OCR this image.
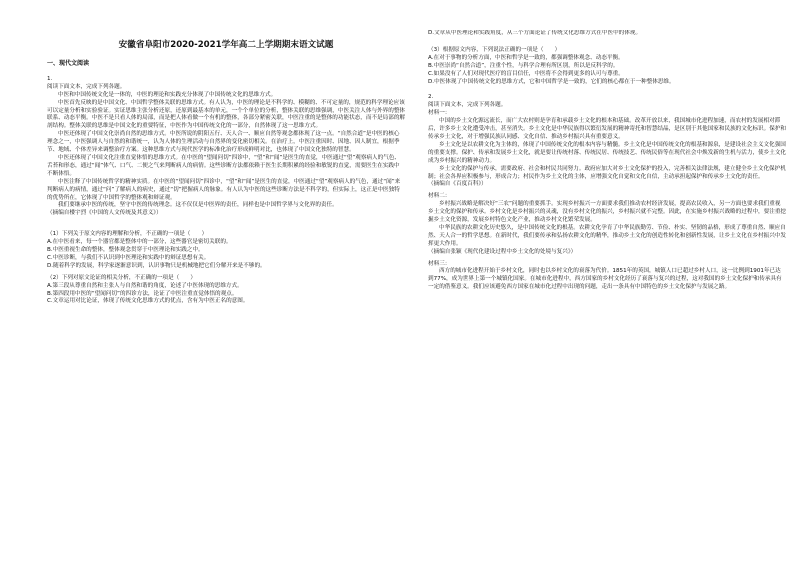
安徽省阜阳市2020-2021学年高二上学期期末语文试题
一、现代文阅读
1.
阅读下面文本，完成下列各题。
中医和中国传统文化是一体的，中医的理论和实践充分体现了中国传统文化的思维方式。
中医首先反映的是中国文化、中国哲学整体关联的思维方式。有人认为，中医的理论是不科学的、模糊的、不可定量的，规范的科学理论应该可以定量分析和实验验证。实证思维主张分析还原，还原到最基本的单元，一个个单位的分析，整体关联的思维强调，中医关注人体与外界的整体联系、动态平衡。中医不是只看人体的局部，而是把人体看做一个有机的整体，各部分紧密关联，中医注重的是整体的功能状态，而不是局部的解剖结构。整体关联的思维是中国文化的重要特征，中医作为中国传统文化的一部分，自然体现了这一思维方式。
中医还体现了中国文化崇尚自然的思维方式。中医所说的阴阳五行、天人合一、顺应自然等观念都体现了这一点。“自然合道”是中医的核心理念之一，中医强调人与自然的和谐统一，认为人体的生理活动与自然界的变化密切相关。在治疗上，中医注重因时、因地、因人制宜，根据季节、地域、个体差异来调整治疗方案。这种思维方式与现代医学的标准化治疗形成鲜明对比，也体现了中国文化独特的智慧。
中医还体现了中国文化注重直觉体悟的思维方式。在中医的“望闻问切”四诊中，“望”和“闻”是医生的直觉，中医通过“望”观察病人的气色、舌苔和形态，通过“闻”体气、口气、二便之气来判断病人的病情。这些诊断方法都依赖于医生长期积累的经验和敏锐的直觉，需要医生在实践中不断体悟。
中医注释了中国传统哲学的精神实质。在中医的“望闻问切”四诊中，“望”和“闻”是医生的直觉，中医通过“望”观察病人的气色，通过“闻”来判断病人的病情，通过“问”了解病人的病史，通过“切”把握病人的脉象。有人认为中医的这些诊断方法是不科学的，但实际上，这正是中医独特的优势所在，它体现了中国哲学的整体观和辩证观。
我们要继承中医的传统，坚守中医的传统理念。这不仅仅是中医界的责任，同样也是中国哲学界与文化界的责任。
（摘编自楼宇烈《中国的人文传统及其意义》）
（1）下列关于原文内容的理解和分析，不正确的一项是（　　）
A.在中医看来，每一个器官都是整体中的一部分，这些器官是密切关联的。
B.中医重视生命的整体，整体观念贯穿于中医理论和实践之中。
C.中医诊断，与我们不认识到中医理论和实践中的辩证思想有关。
D.随着科学的发展，科学家逐渐意识到，认识事物只是机械地把它们分解开来是不够的。
（2）下列对原文论证的相关分析，不正确的一项是（　　）
A.第三段从尊重自然和主张人与自然和谐的角度，论述了中医体现的思维方式。
B.第四段用中医的“望闻问切”的四诊方法，论证了中医注重直觉体悟的观点。
C.文章运用对比论证，体现了传统文化思维方式的优点，含有为中医正名的意图。
D.文章从中医理论和实践角度，从三个方面论证了传统文化思维方式在中医中的体现。
（3）根据原文内容，下列说法正确的一项是（　　）
A.在对于事物的分析方面，中医和哲学是一致的，都强调整体观念、动态平衡。
B.中医崇尚“自然合道”，注重个性，与科学合理有所区别，所以是反科学的。
C.如果没有了人们对现代医疗的盲目信任，中医将不会得到更多的认可与尊重。
D.中医体现了中国传统文化的思维方式，它和中国哲学是一致的，它们的核心都在于一种整体思维。
2.
阅读下面文本，完成下列各题。
材料一：
中国的乡土文化源远流长，而广大农村则是孕育和承载乡土文化的根本和基础。改革开放以来，我国城市化进程加速，而农村的发展相对滞后，许多乡土文化遭受冲击，甚至消失。乡土文化是中华民族得以繁衍发展的精神寄托和智慧结晶，是区别于其他国家和民族的文化标识。保护和传承乡土文化，对于增强民族认同感、文化自信、推动乡村振兴具有重要意义。
乡土文化是以农耕文化为主体的，体现了中国传统文化的根本内容与精髓。乡土文化是中国传统文化的根基和源泉，是建设社会主义文化强国的重要支撑。保护、传承和发展乡土文化，就是要让传统村落、传统民居、传统技艺、传统民俗等在现代社会中焕发新的生机与活力，使乡土文化成为乡村振兴的精神动力。
乡土文化的保护与传承，需要政府、社会和村民共同努力。政府应加大对乡土文化保护的投入，完善相关法律法规，建立健全乡土文化保护机制；社会各界应积极参与，形成合力；村民作为乡土文化的主体，应增强文化自觉和文化自信，主动承担起保护和传承乡土文化的责任。
（摘编自《百度百科》）
材料二：
乡村振兴战略是解决好“三农”问题的重要抓手。实现乡村振兴一方面要求我们推动农村经济发展，提高农民收入，另一方面也要求我们重视乡土文化的保护和传承。乡村文化是乡村振兴的灵魂，没有乡村文化的振兴，乡村振兴就不完整。因此，在实施乡村振兴战略的过程中，要注重挖掘乡土文化资源，发展乡村特色文化产业，推动乡村文化繁荣发展。
中华民族的农耕文化历史悠久，是中国传统文化的根基。农耕文化孕育了中华民族勤劳、节俭、朴实、坚韧的品格，形成了尊重自然、顺应自然、天人合一的哲学思想。在新时代，我们要传承和弘扬农耕文化的精华，推动乡土文化的创造性转化和创新性发展，让乡土文化在乡村振兴中发挥更大作用。
（摘编自张颖《现代化建设过程中乡土文化的处境与复兴》）
材料三：
西方的城市化进程开始于乡村文化，同时也以乡村文化的衰落为代价。1851年的英国，城镇人口已超过乡村人口，这一比例到1901年已达到77%，成为世界上第一个城镇化国家。在城市化进程中，西方国家的乡村文化经历了衰落与复兴的过程，这对我国的乡土文化保护和传承具有一定的借鉴意义。我们应该避免西方国家在城市化过程中出现的问题，走出一条具有中国特色的乡土文化保护与发展之路。
